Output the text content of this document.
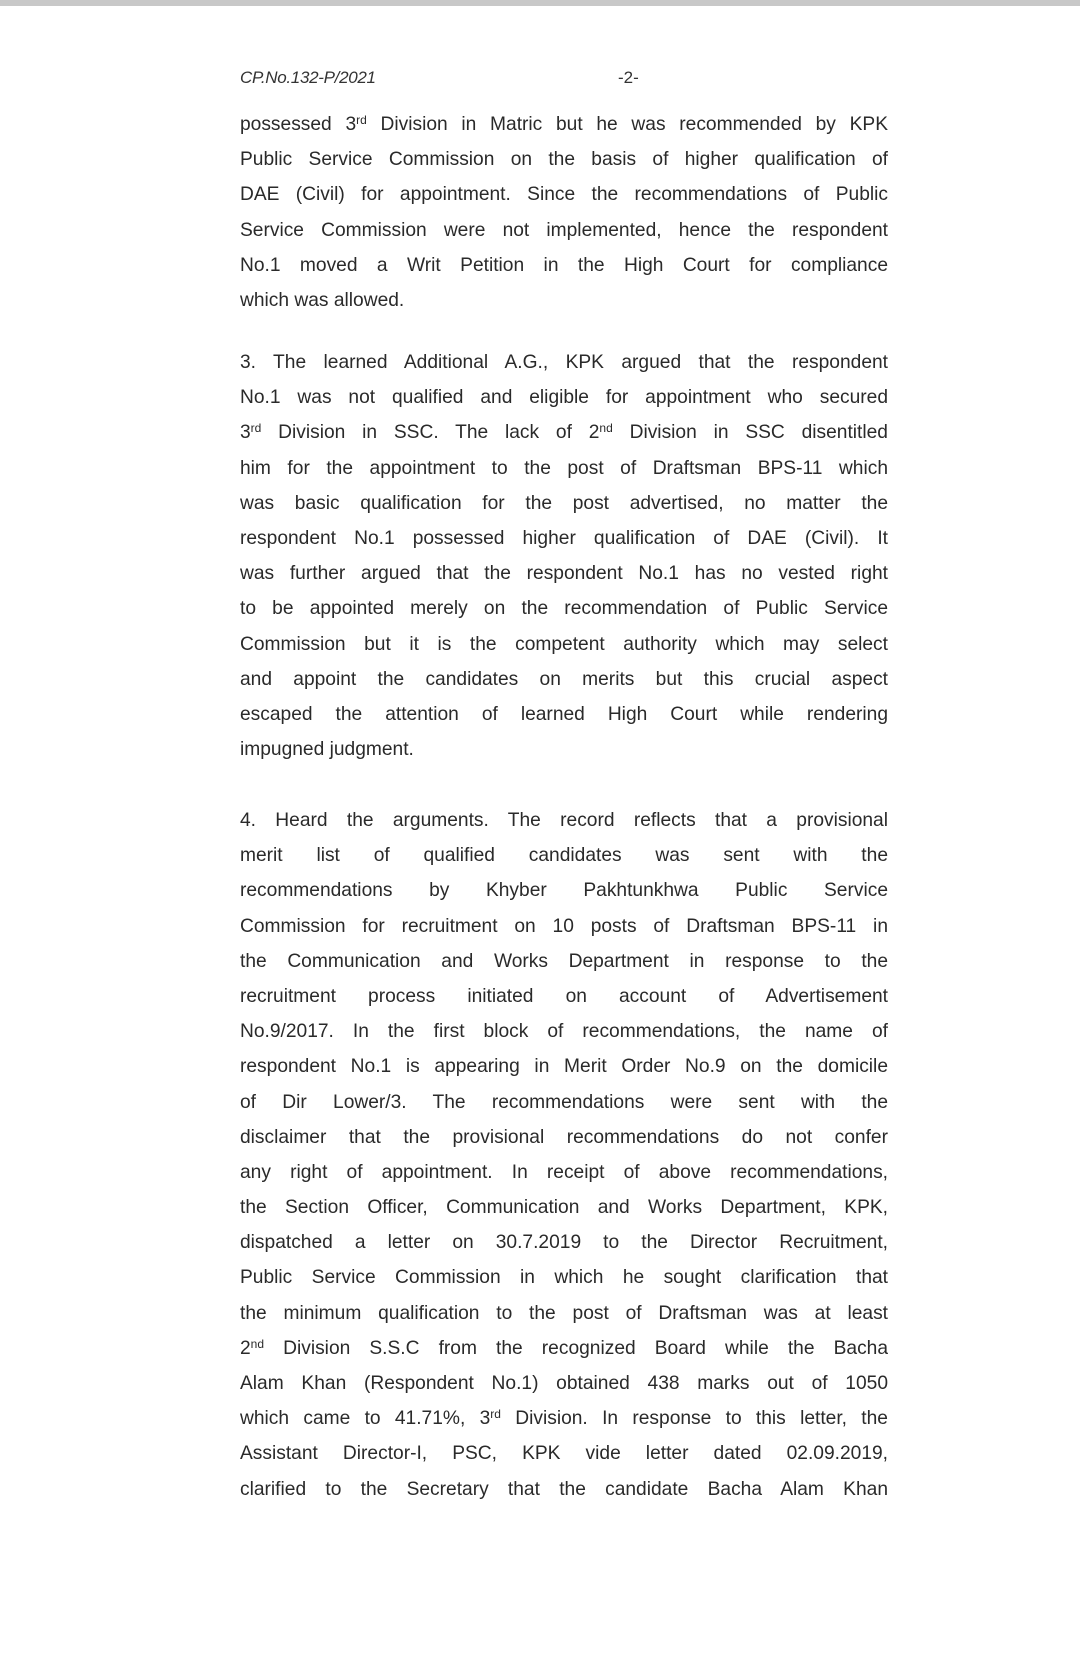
CP.No.132-P/2021	-2-
possessed 3rd Division in Matric but he was recommended by KPK
Public Service Commission on the basis of higher qualification of
DAE (Civil) for appointment. Since the recommendations of Public
Service Commission were not implemented, hence the respondent
No.1 moved a Writ Petition in the High Court for compliance
which was allowed.
3. The learned Additional A.G., KPK argued that the respondent
No.1 was not qualified and eligible for appointment who secured
3rd Division in SSC. The lack of 2nd Division in SSC disentitled
him for the appointment to the post of Draftsman BPS-11 which
was basic qualification for the post advertised, no matter the
respondent No.1 possessed higher qualification of DAE (Civil). It
was further argued that the respondent No.1 has no vested right
to be appointed merely on the recommendation of Public Service
Commission but it is the competent authority which may select
and appoint the candidates on merits but this crucial aspect
escaped the attention of learned High Court while rendering
impugned judgment.
4. Heard the arguments. The record reflects that a provisional
merit list of qualified candidates was sent with the
recommendations by Khyber Pakhtunkhwa Public Service
Commission for recruitment on 10 posts of Draftsman BPS-11 in
the Communication and Works Department in response to the
recruitment process initiated on account of Advertisement
No.9/2017. In the first block of recommendations, the name of
respondent No.1 is appearing in Merit Order No.9 on the domicile
of Dir Lower/3. The recommendations were sent with the
disclaimer that the provisional recommendations do not confer
any right of appointment. In receipt of above recommendations,
the Section Officer, Communication and Works Department, KPK,
dispatched a letter on 30.7.2019 to the Director Recruitment,
Public Service Commission in which he sought clarification that
the minimum qualification to the post of Draftsman was at least
2nd Division S.S.C from the recognized Board while the Bacha
Alam Khan (Respondent No.1) obtained 438 marks out of 1050
which came to 41.71%, 3rd Division. In response to this letter, the
Assistant Director-I, PSC, KPK vide letter dated 02.09.2019,
clarified to the Secretary that the candidate Bacha Alam Khan
